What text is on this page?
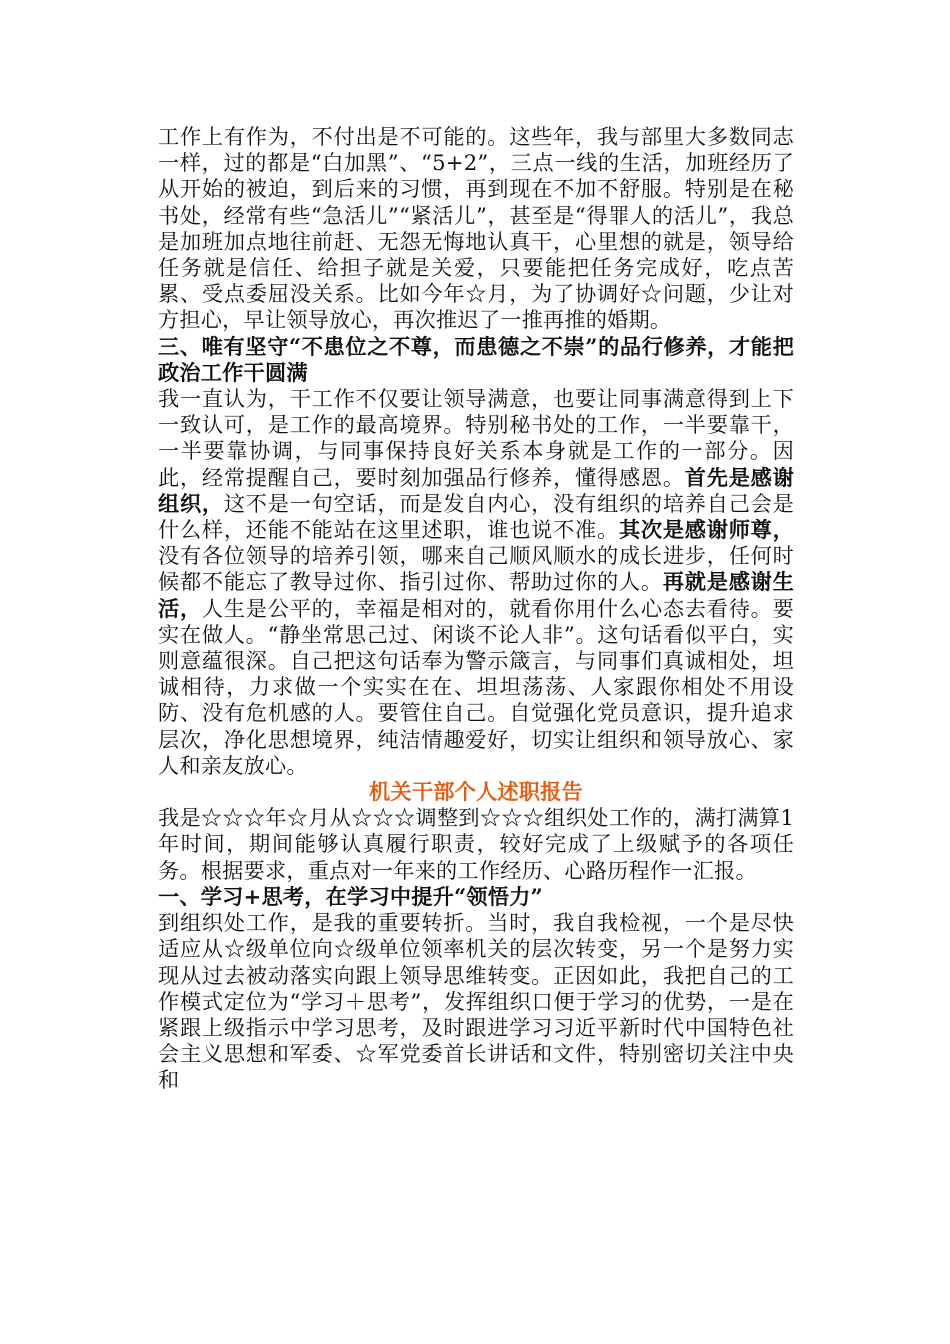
工作上有作为，不付出是不可能的。这些年，我与部里大多数同志一样，过的都是“白加黑”、“5+2”，三点一线的生活，加班经历了从开始的被迫，到后来的习惯，再到现在不加不舒服。特别是在秘书处，经常有些“急活儿”“紧活儿”，甚至是“得罪人的活儿”，我总是加班加点地往前赶、无怨无悔地认真干，心里想的就是，领导给任务就是信任、给担子就是关爱，只要能把任务完成好，吃点苦累、受点委屈没关系。比如今年☆月，为了协调好☆问题，少让对方担心，早让领导放心，再次推迟了一推再推的婚期。

三、唯有坚守“不患位之不尊，而患德之不崇”的品行修养，才能把政治工作干圆满

我一直认为，干工作不仅要让领导满意，也要让同事满意得到上下一致认可，是工作的最高境界。特别秘书处的工作，一半要靠干，一半要靠协调，与同事保持良好关系本身就是工作的一部分。因此，经常提醒自己，要时刻加强品行修养，懂得感恩。首先是感谢组织，这不是一句空话，而是发自内心，没有组织的培养自己会是什么样，还能不能站在这里述职，谁也说不准。其次是感谢师尊，没有各位领导的培养引领，哪来自己顺风顺水的成长进步，任何时候都不能忘了教导过你、指引过你、帮助过你的人。再就是感谢生活，人生是公平的，幸福是相对的，就看你用什么心态去看待。要实在做人。“静坐常思己过、闲谈不论人非”。这句话看似平白，实则意蕴很深。自己把这句话奉为警示箴言，与同事们真诚相处，坦诚相待，力求做一个实实在在、坦坦荡荡、人家跟你相处不用设防、没有危机感的人。要管住自己。自觉强化党员意识，提升追求层次，净化思想境界，纯洁情趣爱好，切实让组织和领导放心、家人和亲友放心。

机关干部个人述职报告

我是☆☆☆年☆月从☆☆☆调整到☆☆☆组织处工作的，满打满算1年时间，期间能够认真履行职责，较好完成了上级赋予的各项任务。根据要求，重点对一年来的工作经历、心路历程作一汇报。

一、学习+思考，在学习中提升“领悟力”

到组织处工作，是我的重要转折。当时，我自我检视，一个是尽快适应从☆级单位向☆级单位领率机关的层次转变，另一个是努力实现从过去被动落实向跟上领导思维转变。正因如此，我把自己的工作模式定位为“学习＋思考”，发挥组织口便于学习的优势，一是在紧跟上级指示中学习思考，及时跟进学习习近平新时代中国特色社会主义思想和军委、☆军党委首长讲话和文件，特别密切关注中央和
